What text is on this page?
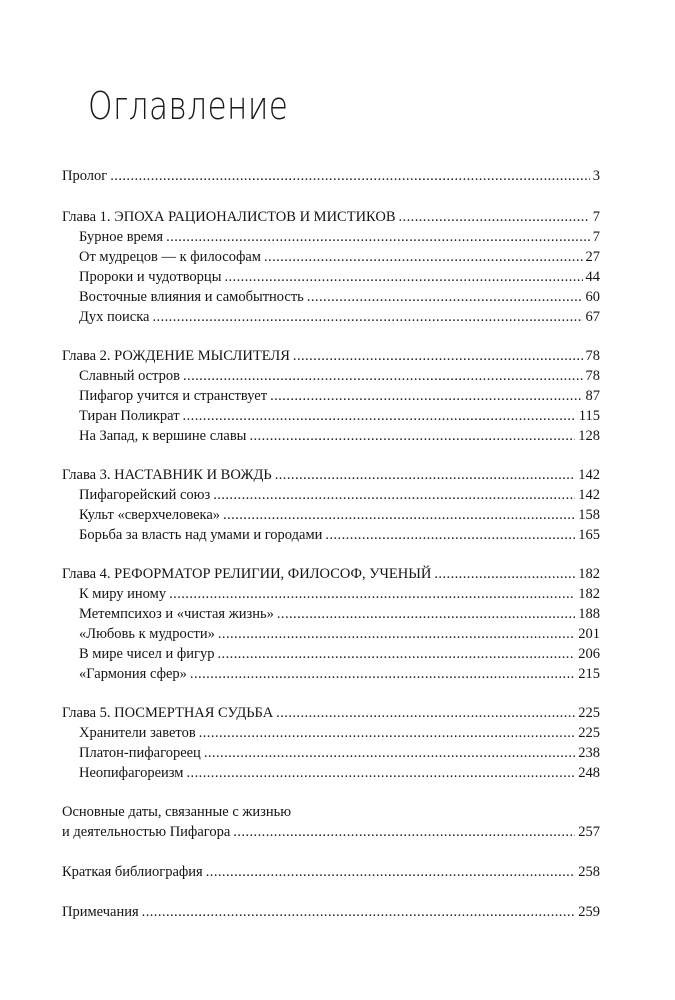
Оглавление
Пролог . . .	3
Глава 1. ЭПОХА РАЦИОНАЛИСТОВ И МИСТИКОВ . . .	7
Бурное время . . .	7
От мудрецов — к философам . . .	27
Пророки и чудотворцы . . .	44
Восточные влияния и самобытность . . .	60
Дух поиска . . .	67
Глава 2. РОЖДЕНИЕ МЫСЛИТЕЛЯ . . .	78
Славный остров . . .	78
Пифагор учится и странствует . . .	87
Тиран Поликрат . . .	115
На Запад, к вершине славы . . .	128
Глава 3. НАСТАВНИК И ВОЖДЬ . . .	142
Пифагорейский союз . . .	142
Культ «сверхчеловека» . . .	158
Борьба за власть над умами и городами . . .	165
Глава 4. РЕФОРМАТОР РЕЛИГИИ, ФИЛОСОФ, УЧЕНЫЙ . . .	182
К миру иному . . .	182
Метемпсихоз и «чистая жизнь» . . .	188
«Любовь к мудрости» . . .	201
В мире чисел и фигур . . .	206
«Гармония сфер» . . .	215
Глава 5. ПОСМЕРТНАЯ СУДЬБА . . .	225
Хранители заветов . . .	225
Платон-пифагореец . . .	238
Неопифагореизм . . .	248
Основные даты, связанные с жизнью
и деятельностью Пифагора . . .	257
Краткая библиография . . .	258
Примечания . . .	259
